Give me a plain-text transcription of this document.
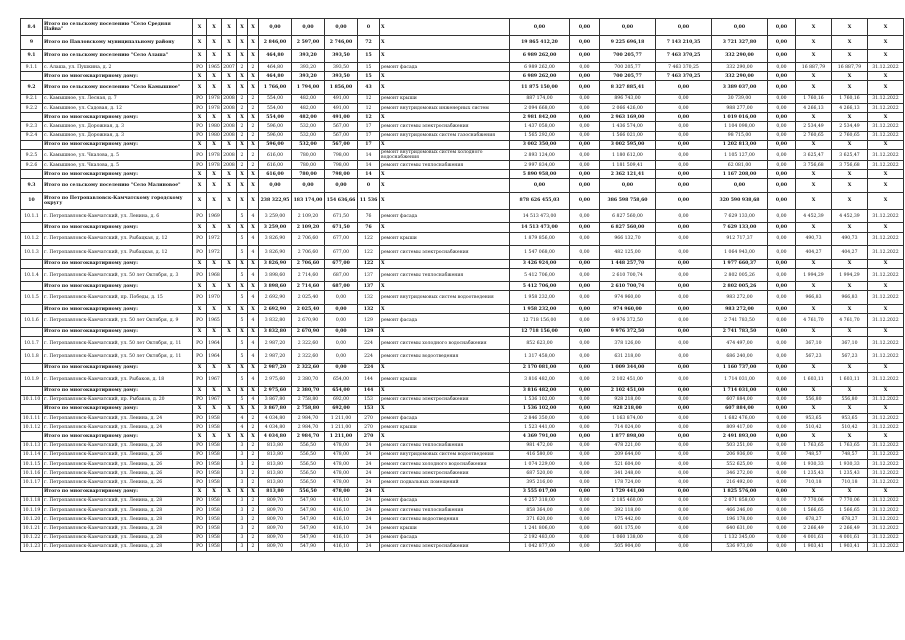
8.4	Итого по сельскому поселению "Село Средняя Пайва"	X	X	X	X	X	0,00	0,00	0,00	0	X	0,00	0,00	0,00	0,00	0,00	0,00	X	X	X
9	Итого по Павловскому муниципальному району	X	X	X	X	X	2 846,00	2 597,00	2 746,00	72	X	19 865 412,20	0,00	9 225 696,18	7 143 210,35	3 721 327,80	0,00	X	X	X
9.1	Итого по сельскому поселению "Село Алаша"	X	X	X	X	X	464,80	393,20	393,50	15	X	6 989 262,00	0,00	700 205,77	7 463 370,25	332 290,00	0,00	X	X	X
9.1.1	с. Алаша, ул. Пушкина, д. 2	РО	1965	2007	2	2	464,80	393,20	393,50	15	ремонт фасада	6 989 262,00	0,00	700 205,77	7 463 370,25	332 290,00	0,00	16 887,79	16 887,79	31.12.2022
	Итого по многоквартирному дому:	X	X	X	X	X	464,80	393,20	393,50	15	X	6 989 262,00	0,00	700 205,77	7 463 370,25	332 290,00	0,00	X	X	X
9.2	Итого по сельскому поселению "Село Камышное"	X	X	X	X	X	1 766,00	1 794,00	1 856,00	43	X	11 875 150,00	0,00	8 327 885,41	0,00	3 389 037,00	0,00	X	X	X
9.2.1	с. Камышное, ул. Лесная, д. 7	РО	1978	2008	2	2	554,00	482,00	491,00	12	ремонт крыши	887 174,00	0,00	896 743,00	0,00	30 739,00	0,00	1 760,16	1 760,16	31.12.2022
9.2.2	с. Камышное, ул. Садовая, д. 12	РО	1978	2008	2	2	554,00	482,00	491,00	12	ремонт внутридомовых инженерных систем	2 094 668,00	0,00	2 066 426,00	0,00	988 277,00	0,00	4 266,13	4 266,13	31.12.2022
	Итого по многоквартирному дому:	X	X	X	X	X	554,00	482,00	491,00	12	X	2 981 842,00	0,00	2 963 169,00	0,00	1 019 016,00	0,00	X	X	X
9.2.3	с. Камышное, ул. Дорожная, д. 3	РО	1980	2008	2	2	596,00	532,00	567,00	17	ремонт системы электроснабжения	1 437 058,00	0,00	1 436 574,00	0,00	1 104 098,00	0,00	2 534,49	2 534,49	31.12.2022
9.2.4	с. Камышное, ул. Дорожная, д. 3	РО	1980	2008	2	2	596,00	532,00	567,00	17	ремонт внутридомовых систем газоснабжения	1 565 292,00	0,00	1 566 021,00	0,00	98 715,00	0,00	2 760,65	2 760,65	31.12.2022
	Итого по многоквартирному дому:	X	X	X	X	X	596,00	532,00	567,00	17	X	3 002 350,00	0,00	3 002 595,00	0,00	1 202 813,00	0,00	X	X	X
9.2.5	с. Камышное, ул. Чкалова, д. 5	РО	1978	2008	2	2	616,00	780,00	798,00	14	ремонт внутридомовых систем холодного водоснабжения	2 893 124,00	0,00	1 180 612,00	0,00	1 105 127,00	0,00	3 625,47	3 625,47	31.12.2022
9.2.6	с. Камышное, ул. Чкалова, д. 5	РО	1978	2008	2	2	616,00	780,00	798,00	14	ремонт системы теплоснабжения	2 997 834,00	0,00	1 181 509,41	0,00	62 081,00	0,00	3 756,68	3 756,68	31.12.2022
	Итого по многоквартирному дому:	X	X	X	X	X	616,00	780,00	798,00	14	X	5 890 958,00	0,00	2 362 121,41	0,00	1 167 208,00	0,00	X	X	X
9.3	Итого по сельскому поселению "Село Малиновое"	X	X	X	X	X	0,00	0,00	0,00	0	X	0,00	0,00	0,00	0,00	0,00	0,00	X	X	X
10	Итого по Петропавловск-Камчатскому городскому округу	X	X	X	X	X	238 322,95	183 174,00	154 636,66	11 536	X	878 626 455,03	0,00	386 598 758,60	0,00	320 590 938,68	0,00	X	X	X
10.1.1	г. Петропавловск-Камчатский, ул. Ленина, д. 6	РО	1969		5	4	3 259,00	2 109,20	671,50	76	ремонт фасада	14 513 473,00	0,00	6 827 560,00	0,00	7 629 133,00	0,00	4 452,39	4 452,39	31.12.2022
	Итого по многоквартирному дому:	X	X	X	X	X	3 259,00	2 109,20	671,50	76	X	14 513 473,00	0,00	6 827 560,00	0,00	7 629 133,00	0,00	X	X	X
10.1.2	г. Петропавловск-Камчатский, ул. Рыбацкая, д. 12	РО	1972		5	4	3 826,90	2 706,60	677,00	122	ремонт крыши	1 879 856,00	0,00	966 132,70	0,00	912 717,37	0,00	490,73	490,73	31.12.2022
10.1.3	г. Петропавловск-Камчатский, ул. Рыбацкая, д. 12	РО	1972		5	4	3 826,90	2 706,60	677,00	122	ремонт системы электроснабжения	1 547 068,00	0,00	482 125,00	0,00	1 064 943,00	0,00	404,27	404,27	31.12.2022
	Итого по многоквартирному дому:	X	X	X	X	X	3 826,90	2 706,60	677,00	122	X	3 426 924,00	0,00	1 448 257,70	0,00	1 977 660,37	0,00	X	X	X
10.1.4	г. Петропавловск-Камчатский, ул. 50 лет Октября, д. 3	РО	1968		5	4	3 898,60	2 714,60	687,00	137	ремонт системы теплоснабжения	5 412 706,00	0,00	2 610 700,74	0,00	2 802 005,26	0,00	1 994,29	1 994,29	31.12.2022
	Итого по многоквартирному дому:	X	X	X	X	X	3 898,60	2 714,60	687,00	137	X	5 412 706,00	0,00	2 610 700,74	0,00	2 802 005,26	0,00	X	X	X
10.1.5	г. Петропавловск-Камчатский, пр. Победы, д. 15	РО	1970		5	4	2 692,90	2 025,40	0,00	132	ремонт внутридомовых систем водоотведения	1 958 232,00	0,00	974 960,00	0,00	983 272,00	0,00	966,83	966,83	31.12.2022
	Итого по многоквартирному дому:	X	X	X	X	X	2 692,90	2 025,40	0,00	132	X	1 958 232,00	0,00	974 960,00	0,00	983 272,00	0,00	X	X	X
10.1.6	г. Петропавловск-Камчатский, ул. 50 лет Октября, д. 9	РО	1965		5	4	3 832,80	2 670,90	0,00	129	ремонт фасада	12 718 156,00	0,00	9 976 372,50	0,00	2 741 783,50	0,00	4 761,70	4 761,70	31.12.2022
	Итого по многоквартирному дому:	X	X	X	X	X	3 832,80	2 670,90	0,00	129	X	12 718 156,00	0,00	9 976 372,50	0,00	2 741 783,50	0,00	X	X	X
10.1.7	г. Петропавловск-Камчатский, ул. 50 лет Октября, д. 11	РО	1964		5	4	2 987,20	2 322,60	0,00	224	ремонт системы холодного водоснабжения	852 623,00	0,00	378 126,00	0,00	474 497,00	0,00	367,10	367,10	31.12.2022
10.1.8	г. Петропавловск-Камчатский, ул. 50 лет Октября, д. 11	РО	1964		5	4	2 987,20	2 322,60	0,00	224	ремонт системы водоотведения	1 317 458,00	0,00	631 218,00	0,00	686 240,00	0,00	567,23	567,23	31.12.2022
	Итого по многоквартирному дому:	X	X	X	X	X	2 987,20	2 322,60	0,00	224	X	2 170 081,00	0,00	1 009 344,00	0,00	1 160 737,00	0,00	X	X	X
10.1.9	г. Петропавловск-Камчатский, ул. Рыбаков, д. 18	РО	1967		5	4	2 975,60	2 380,70	654,00	144	ремонт крыши	3 816 482,00	0,00	2 102 451,00	0,00	1 714 031,00	0,00	1 603,11	1 603,11	31.12.2022
	Итого по многоквартирному дому:	X	X	X	X	X	2 975,60	2 380,70	654,00	144	X	3 816 482,00	0,00	2 102 451,00	0,00	1 714 031,00	0,00	X	X	X
10.1.10	г. Петропавловск-Камчатский, пр. Рыбаков, д. 20	РО	1967		5	4	3 867,80	2 758,80	692,00	153	ремонт системы электроснабжения	1 536 102,00	0,00	928 218,00	0,00	607 884,00	0,00	556,80	556,80	31.12.2022
	Итого по многоквартирному дому:	X	X	X	X	X	3 867,80	2 758,80	692,00	153	X	1 536 102,00	0,00	928 218,00	0,00	607 884,00	0,00	X	X	X
10.1.11	г. Петропавловск-Камчатский, ул. Ленина, д. 24	РО	1958		4	2	4 034,80	2 984,70	1 211,00	270	ремонт фасада	2 846 350,00	0,00	1 163 874,00	0,00	1 682 476,00	0,00	953,65	953,65	31.12.2022
10.1.12	г. Петропавловск-Камчатский, ул. Ленина, д. 24	РО	1958		4	2	4 034,80	2 984,70	1 211,00	270	ремонт крыши	1 523 441,00	0,00	714 024,00	0,00	809 417,00	0,00	510,42	510,42	31.12.2022
	Итого по многоквартирному дому:	X	X	X	X	X	4 034,80	2 984,70	1 211,00	270	X	4 369 791,00	0,00	1 877 898,00	0,00	2 491 893,00	0,00	X	X	X
10.1.13	г. Петропавловск-Камчатский, ул. Ленина, д. 26	РО	1958		3	2	813,80	556,50	478,00	24	ремонт системы теплоснабжения	981 472,00	0,00	478 221,00	0,00	503 251,00	0,00	1 763,65	1 763,65	31.12.2022
10.1.14	г. Петропавловск-Камчатский, ул. Ленина, д. 26	РО	1958		3	2	813,80	556,50	478,00	24	ремонт внутридомовых систем водоотведения	416 580,00	0,00	209 644,00	0,00	206 936,00	0,00	748,57	748,57	31.12.2022
10.1.15	г. Петропавловск-Камчатский, ул. Ленина, д. 26	РО	1958		3	2	813,80	556,50	478,00	24	ремонт системы холодного водоснабжения	1 074 229,00	0,00	521 604,00	0,00	552 625,00	0,00	1 930,33	1 930,33	31.12.2022
10.1.16	г. Петропавловск-Камчатский, ул. Ленина, д. 26	РО	1958		3	2	813,80	556,50	478,00	24	ремонт системы электроснабжения	687 520,00	0,00	341 248,00	0,00	346 272,00	0,00	1 235,43	1 235,43	31.12.2022
10.1.17	г. Петропавловск-Камчатский, ул. Ленина, д. 26	РО	1958		3	2	813,80	556,50	478,00	24	ремонт подвальных помещений	395 216,00	0,00	178 724,00	0,00	216 492,00	0,00	710,18	710,18	31.12.2022
	Итого по многоквартирному дому:	X	X	X	X	X	813,80	556,50	478,00	24	X	3 555 017,00	0,00	1 729 441,00	0,00	1 825 576,00	0,00	X	X	X
10.1.18	г. Петропавловск-Камчатский, ул. Ленина, д. 28	РО	1958		3	2	809,70	547,90	416,10	24	ремонт фасада	4 257 318,00	0,00	2 185 460,00	0,00	2 071 858,00	0,00	7 770,06	7 770,06	31.12.2022
10.1.19	г. Петропавловск-Камчатский, ул. Ленина, д. 28	РО	1958		3	2	809,70	547,90	416,10	24	ремонт системы теплоснабжения	858 364,00	0,00	392 118,00	0,00	466 246,00	0,00	1 566,65	1 566,65	31.12.2022
10.1.20	г. Петропавловск-Камчатский, ул. Ленина, д. 28	РО	1958		3	2	809,70	547,90	416,10	24	ремонт системы водоотведения	371 620,00	0,00	175 442,00	0,00	196 178,00	0,00	678,27	678,27	31.12.2022
10.1.21	г. Петропавловск-Камчатский, ул. Ленина, д. 28	РО	1958		3	2	809,70	547,90	416,10	24	ремонт крыши	1 241 806,00	0,00	601 175,00	0,00	640 631,00	0,00	2 266,49	2 266,49	31.12.2022
10.1.22	г. Петропавловск-Камчатский, ул. Ленина, д. 28	РО	1958		3	2	809,70	547,90	416,10	24	ремонт фасада	2 192 483,00	0,00	1 060 138,00	0,00	1 132 345,00	0,00	4 001,61	4 001,61	31.12.2022
10.1.23	г. Петропавловск-Камчатский, ул. Ленина, д. 28	РО	1958		3	2	809,70	547,90	416,10	24	ремонт системы электроснабжения	1 042 877,00	0,00	505 904,00	0,00	536 973,00	0,00	1 903,41	1 903,41	31.12.2022
